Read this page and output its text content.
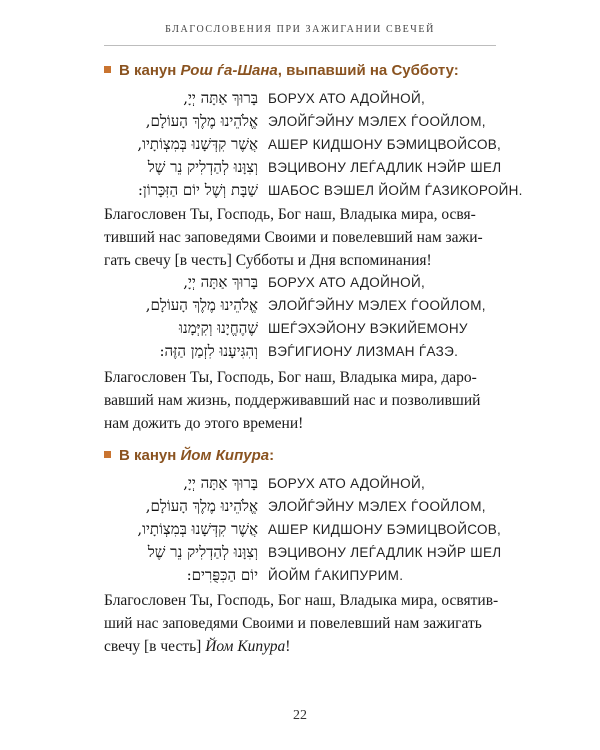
БЛАГОСЛОВЕНИЯ ПРИ ЗАЖИГАНИИ СВЕЧЕЙ
В канун Рош ѓа-Шана, выпавший на Субботу:
בָּרוּךְ אַתָּה יְיָ,
אֱלֹהֵינוּ מֶלֶךְ הָעוֹלָם,
אֲשֶׁר קִדְּשָׁנוּ בְּמִצְוֹתָיו,
וְצִוָּנוּ לְהַדְלִיק נֵר שֶׁל
שַׁבָּת וְשֶׁל יוֹם הַזִּכָּרוֹן:
БОРУХ АТО АДОЙНОЙ,
ЭЛОЙЃЭЙНУ МЭЛЕХ ЃООЙЛОМ,
АШЕР КИДШОНУ БЭМИЦВОЙСОВ,
ВЭЦИВОНУ ЛЕЃАДЛИК НЭЙР ШЕЛ
ШАБОС ВЭШЕЛ ЙОЙМ ЃАЗИКОРОЙН.
Благословен Ты, Господь, Бог наш, Владыка мира, освя-
тивший нас заповедями Своими и повелевший нам зажи-
гать свечу [в честь] Субботы и Дня вспоминания!
בָּרוּךְ אַתָּה יְיָ,
אֱלֹהֵינוּ מֶלֶךְ הָעוֹלָם,
שֶׁהֶחֱיָנוּ וְקִיְּמָנוּ
וְהִגִּיעָנוּ לִזְמַן הַזֶּה:
БОРУХ АТО АДОЙНОЙ,
ЭЛОЙЃЭЙНУ МЭЛЕХ ЃООЙЛОМ,
ШЕЃЭХЭЙОНУ ВЭКИЙЕМОНУ
ВЭЃИГИОНУ ЛИЗМАН ЃАЗЭ.
Благословен Ты, Господь, Бог наш, Владыка мира, даро-
вавший нам жизнь, поддерживавший нас и позволивший
нам дожить до этого времени!
В канун Йом Кипура:
בָּרוּךְ אַתָּה יְיָ,
אֱלֹהֵינוּ מֶלֶךְ הָעוֹלָם,
אֲשֶׁר קִדְּשָׁנוּ בְּמִצְוֹתָיו,
וְצִוָּנוּ לְהַדְלִיק נֵר שֶׁל
יוֹם הַכִּפֻּרִים:
БОРУХ АТО АДОЙНОЙ,
ЭЛОЙЃЭЙНУ МЭЛЕХ ЃООЙЛОМ,
АШЕР КИДШОНУ БЭМИЦВОЙСОВ,
ВЭЦИВОНУ ЛЕЃАДЛИК НЭЙР ШЕЛ
ЙОЙМ ЃАКИПУРИМ.
Благословен Ты, Господь, Бог наш, Владыка мира, освятив-
ший нас заповедями Своими и повелевший нам зажигать
свечу [в честь] Йом Кипура!
22
